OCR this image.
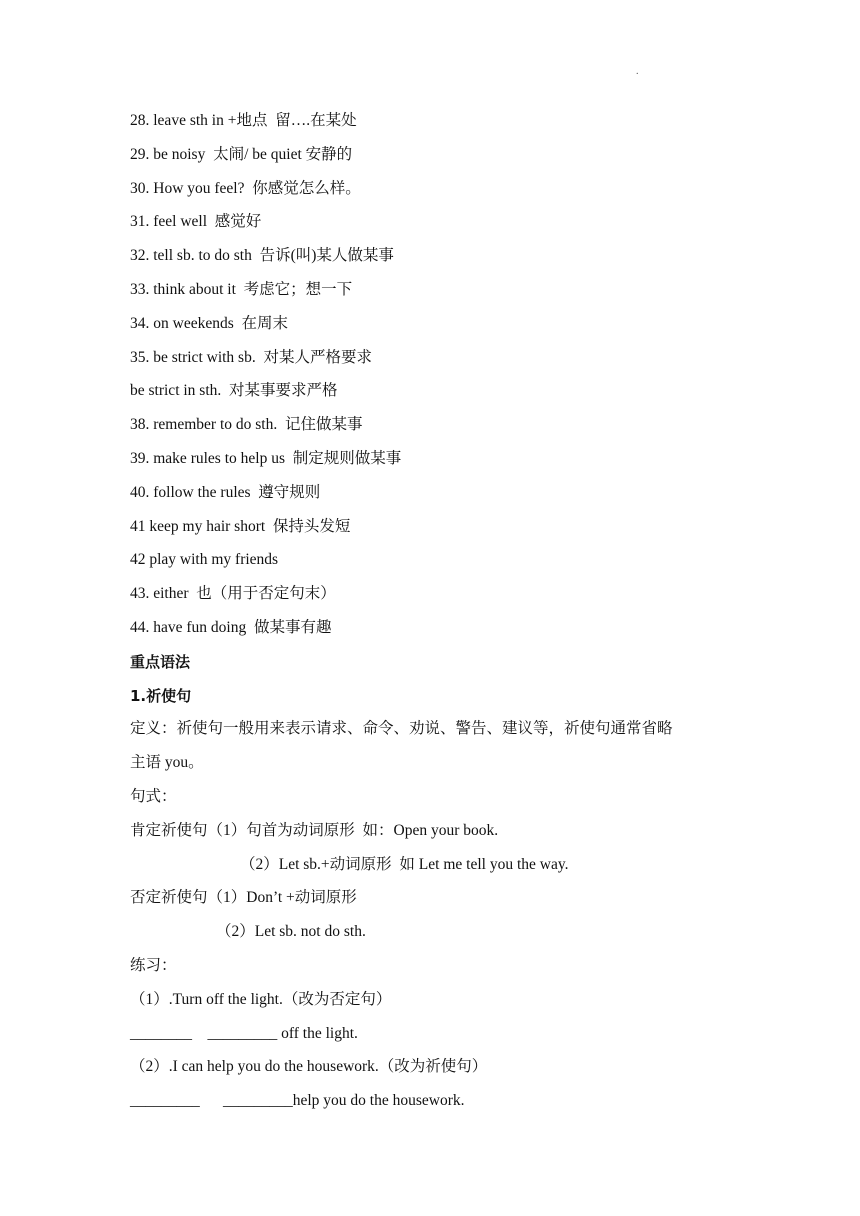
.
28. leave sth in +地点  留….在某处
29. be noisy  太闹/ be quiet 安静的
30. How you feel?  你感觉怎么样。
31. feel well  感觉好
32. tell sb. to do sth  告诉(叫)某人做某事
33. think about it  考虑它；想一下
34. on weekends  在周末
35. be strict with sb.  对某人严格要求
be strict in sth.  对某事要求严格
38. remember to do sth.  记住做某事
39. make rules to help us  制定规则做某事
40. follow the rules  遵守规则
41 keep my hair short  保持头发短
42 play with my friends
43. either  也（用于否定句末）
44. have fun doing  做某事有趣
重点语法
1.祈使句
定义：祈使句一般用来表示请求、命令、劝说、警告、建议等，祈使句通常省略
主语 you。
句式：
肯定祈使句（1）句首为动词原形  如：Open your book.
（2）Let sb.+动词原形  如 Let me tell you the way.
否定祈使句（1）Don’t +动词原形
（2）Let sb. not do sth.
练习：
（1）.Turn off the light.（改为否定句）
________    _________ off the light.
（2）.I can help you do the housework.（改为祈使句）
_________      _________help you do the housework.
